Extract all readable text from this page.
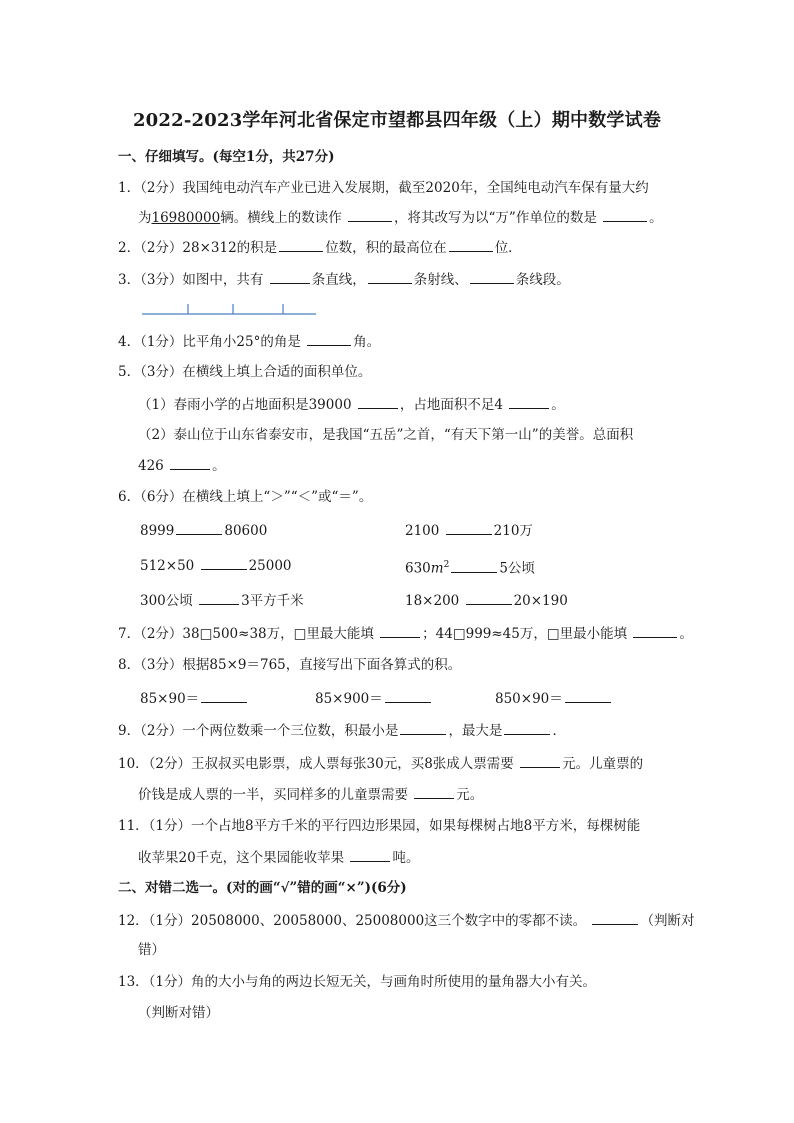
2022-2023学年河北省保定市望都县四年级（上）期中数学试卷
一、仔细填写。(每空1分，共27分)
1．（2分）我国纯电动汽车产业已进入发展期，截至2020年，全国纯电动汽车保有量大约
为16980000辆。横线上的数读作	，将其改写为以“万”作单位的数是	。
2．（2分）28×312的积是	位数，积的最高位在	位．
3．（3分）如图中，共有	条直线，	条射线、	条线段。
4．（1分）比平角小25°的角是	角。
5．（3分）在横线上填上合适的面积单位。
（1）春雨小学的占地面积是39000	，占地面积不足4	。
（2）泰山位于山东省泰安市，是我国“五岳”之首，“有天下第一山”的美誉。总面积
426	。
6．（6分）在横线上填上“＞”“＜”或“＝”。
8999	80600	2100	210万
512×50	25000	$630m^2$	5公顷
300公顷	3平方千米	18×200	20×190
7．（2分）38□500≈38万，□里最大能填	；44□999≈45万，□里最小能填	。
8．（3分）根据85×9＝765，直接写出下面各算式的积。
85×90＝	85×900＝	850×90＝
9．（2分）一个两位数乘一个三位数，积最小是	，最大是	．
10．（2分）王叔叔买电影票，成人票每张30元，买8张成人票需要	元。儿童票的
价钱是成人票的一半，买同样多的儿童票需要	元。
11．（1分）一个占地8平方千米的平行四边形果园，如果每棵树占地8平方米，每棵树能
收苹果20千克，这个果园能收苹果	吨。
二、对错二选一。(对的画“√”错的画“×”)(6分)
12．（1分）20508000、20058000、25008000这三个数字中的零都不读。	（判断对
错）
13．（1分）角的大小与角的两边长短无关，与画角时所使用的量角器大小有关。
（判断对错）
